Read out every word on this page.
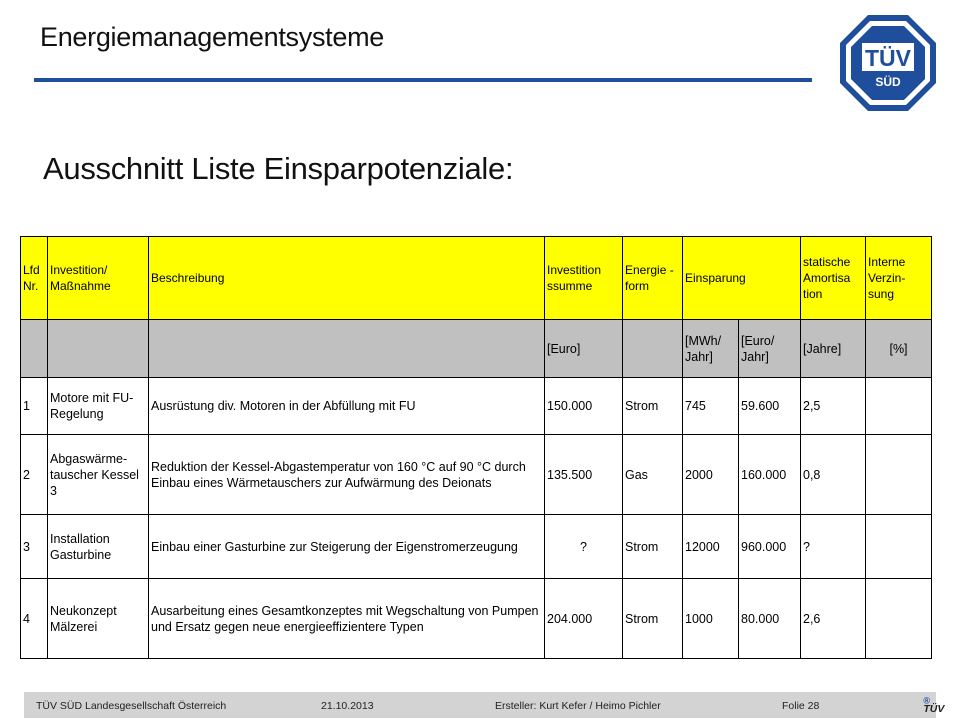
Energiemanagementsysteme
TÜV
SÜD
Ausschnitt Liste Einsparpotenziale:
Lfd Nr.	Investition/ Maßnahme	Beschreibung	Investition ssumme	Energie -form	Einsparung		statische Amortisa tion	Interne Verzin- sung
			[Euro]		[MWh/ Jahr]	[Euro/ Jahr]	[Jahre]	[%]
1	Motore mit FU-Regelung	Ausrüstung div. Motoren in der Abfüllung mit FU	150.000	Strom	745	59.600	2,5	
2	Abgaswärme-tauscher Kessel 3	Reduktion der Kessel-Abgastemperatur von 160 °C auf 90 °C durch Einbau eines Wärmetauschers zur Aufwärmung des Deionats	135.500	Gas	2000	160.000	0,8	
3	Installation Gasturbine	Einbau einer Gasturbine zur Steigerung der Eigenstromerzeugung	?	Strom	12000	960.000	?	
4	Neukonzept Mälzerei	Ausarbeitung eines Gesamtkonzeptes mit Wegschaltung von Pumpen und Ersatz gegen neue energieeffizientere Typen	204.000	Strom	1000	80.000	2,6	
TÜV SÜD Landesgesellschaft Österreich	21.10.2013	Ersteller: Kurt Kefer / Heimo Pichler	Folie 28	TÜV
®
